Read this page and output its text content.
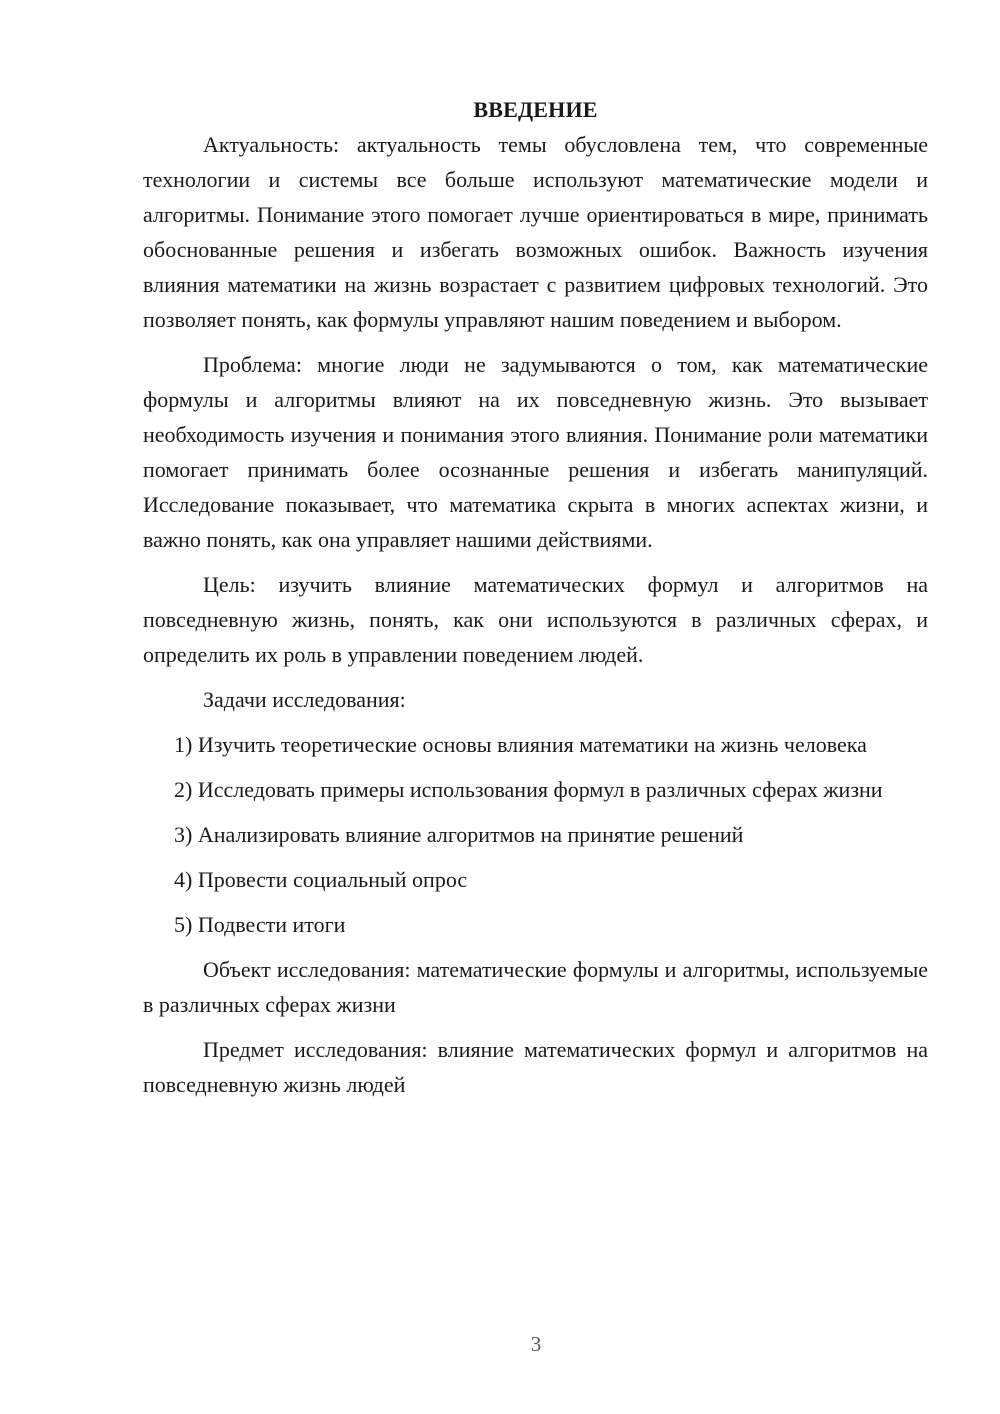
ВВЕДЕНИЕ

Актуальность: актуальность темы обусловлена тем, что современные технологии и системы все больше используют математические модели и алгоритмы. Понимание этого помогает лучше ориентироваться в мире, принимать обоснованные решения и избегать возможных ошибок. Важность изучения влияния математики на жизнь возрастает с развитием цифровых технологий. Это позволяет понять, как формулы управляют нашим поведением и выбором.

Проблема: многие люди не задумываются о том, как математические формулы и алгоритмы влияют на их повседневную жизнь. Это вызывает необходимость изучения и понимания этого влияния. Понимание роли математики помогает принимать более осознанные решения и избегать манипуляций. Исследование показывает, что математика скрыта в многих аспектах жизни, и важно понять, как она управляет нашими действиями.

Цель: изучить влияние математических формул и алгоритмов на повседневную жизнь, понять, как они используются в различных сферах, и определить их роль в управлении поведением людей.

Задачи исследования:

1) Изучить теоретические основы влияния математики на жизнь человека

2) Исследовать примеры использования формул в различных сферах жизни

3) Анализировать влияние алгоритмов на принятие решений

4) Провести социальный опрос

5) Подвести итоги

Объект исследования: математические формулы и алгоритмы, используемые в различных сферах жизни

Предмет исследования: влияние математических формул и алгоритмов на повседневную жизнь людей

3
